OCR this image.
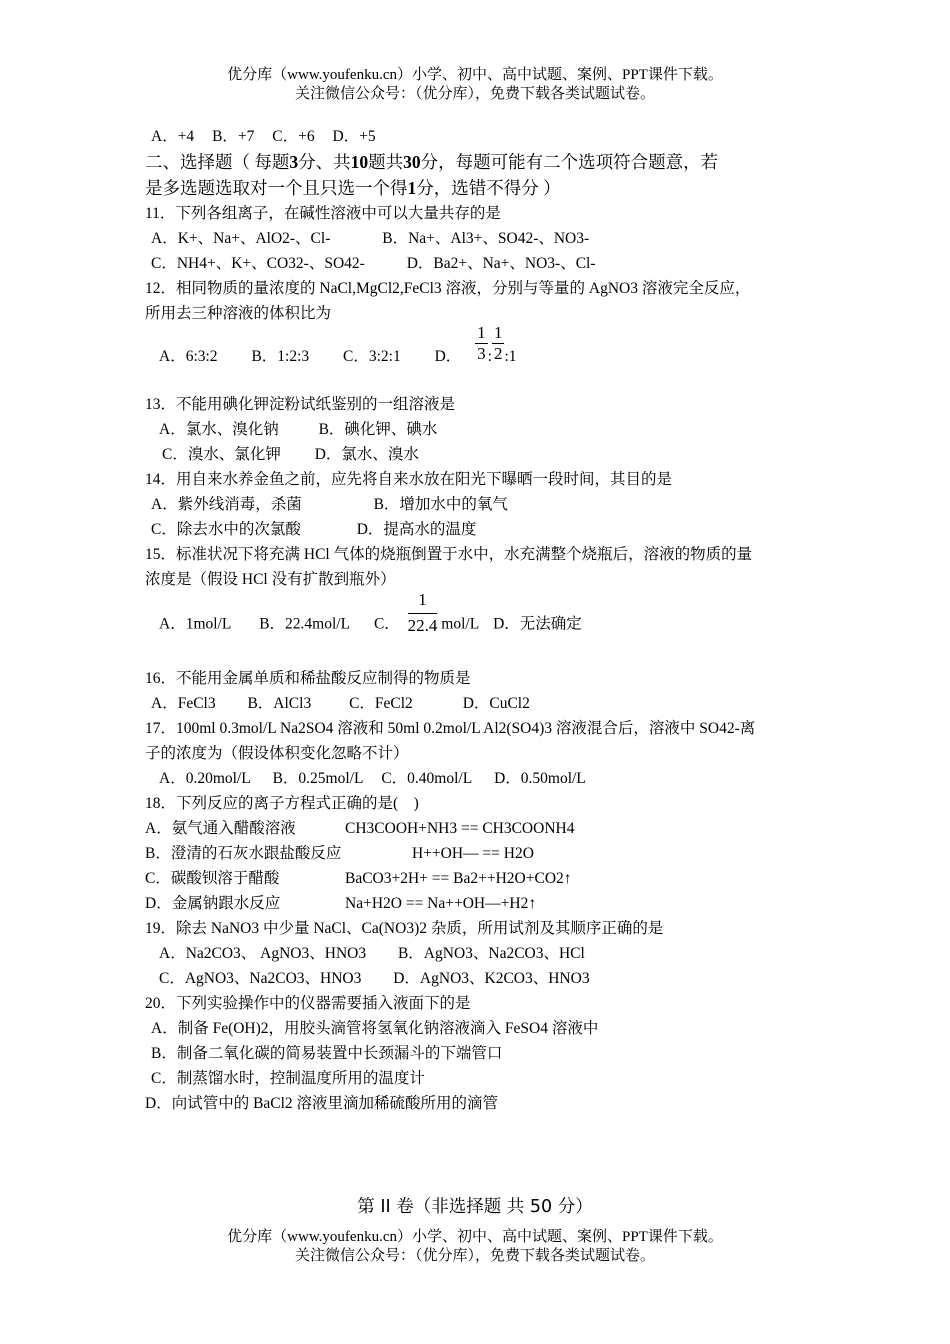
优分库（www.youfenku.cn）小学、初中、高中试题、案例、PPT课件下载。
关注微信公众号：（优分库），免费下载各类试题试卷。
A．+4 B．+7 C．+6 D．+5
二、选择题（ 每题3分、共10题共30分，每题可能有二个选项符合题意，若
是多选题选取对一个且只选一个得1分，选错不得分 ）
11．下列各组离子，在碱性溶液中可以大量共存的是
A．K+、Na+、AlO2-、Cl-	B．Na+、Al3+、SO42-、NO3-
C．NH4+、K+、CO32-、SO42-	D．Ba2+、Na+、NO3-、Cl-
12．相同物质的量浓度的 NaCl,MgCl2,FeCl3 溶液，分别与等量的 AgNO3 溶液完全反应，
所用去三种溶液的体积比为
A．6:3:2 B．1:2:3 C．3:2:1 D． $\frac{1}{3}$ : $\frac{1}{2}$ :1
13．不能用碘化钾淀粉试纸鉴别的一组溶液是
A．氯水、溴化钠	B．碘化钾、碘水
C．溴水、氯化钾 D．氯水、溴水
14．用自来水养金鱼之前，应先将自来水放在阳光下曝晒一段时间，其目的是
A．紫外线消毒，杀菌	B．增加水中的氧气
C．除去水中的次氯酸	D．提高水的温度
15．标准状况下将充满 HCl 气体的烧瓶倒置于水中，水充满整个烧瓶后，溶液的物质的量
浓度是（假设 HCl 没有扩散到瓶外）
A．1mol/L B．22.4mol/L C． $\frac{1}{22.4} mol/L$ D．无法确定
16．不能用金属单质和稀盐酸反应制得的物质是
A．FeCl3 B．AlCl3 C．FeCl2	D．CuCl2
17．100ml 0.3mol/L Na2SO4 溶液和 50ml 0.2mol/L Al2(SO4)3 溶液混合后，溶液中 SO42-离
子的浓度为（假设体积变化忽略不计）
A．0.20mol/L B．0.25mol/L C．0.40mol/L D．0.50mol/L
18．下列反应的离子方程式正确的是(　)
A．氨气通入醋酸溶液	CH3COOH+NH3 == CH3COONH4
B．澄清的石灰水跟盐酸反应	H++OH— == H2O
C．碳酸钡溶于醋酸	BaCO3+2H+ == Ba2++H2O+CO2↑
D．金属钠跟水反应	Na+H2O == Na++OH—+H2↑
19．除去 NaNO3 中少量 NaCl、Ca(NO3)2 杂质，所用试剂及其顺序正确的是
A．Na2CO3、 AgNO3、HNO3 B．AgNO3、Na2CO3、HCl
C．AgNO3、Na2CO3、HNO3 D．AgNO3、K2CO3、HNO3
20．下列实验操作中的仪器需要插入液面下的是
A．制备 Fe(OH)2，用胶头滴管将氢氧化钠溶液滴入 FeSO4 溶液中
B．制备二氧化碳的简易装置中长颈漏斗的下端管口
C．制蒸馏水时，控制温度所用的温度计
D．向试管中的 BaCl2 溶液里滴加稀硫酸所用的滴管
第 II 卷（非选择题 共 50 分）
优分库（www.youfenku.cn）小学、初中、高中试题、案例、PPT课件下载。
关注微信公众号：（优分库），免费下载各类试题试卷。
